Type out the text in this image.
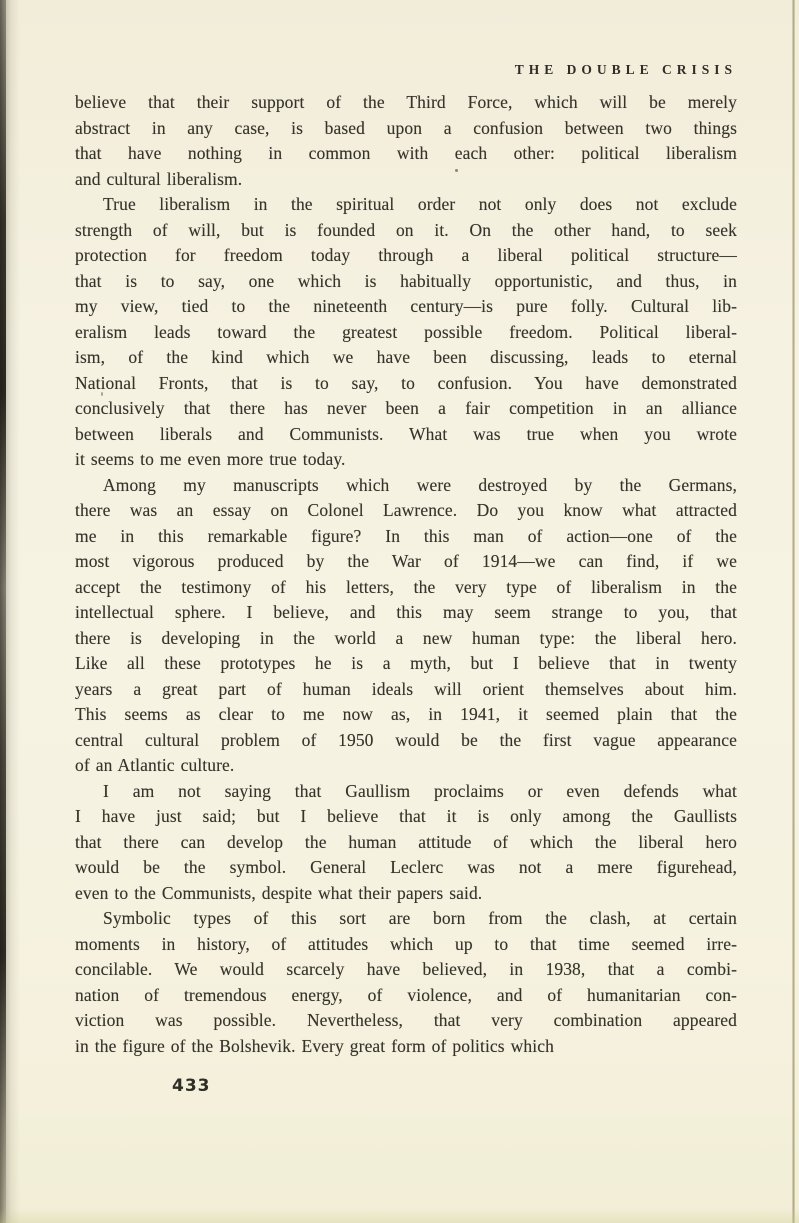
THE DOUBLE CRISIS
believe that their support of the Third Force, which will be merely
abstract in any case, is based upon a confusion between two things
that have nothing in common with each other: political liberalism
and cultural liberalism.
True liberalism in the spiritual order not only does not exclude
strength of will, but is founded on it. On the other hand, to seek
protection for freedom today through a liberal political structure—
that is to say, one which is habitually opportunistic, and thus, in
my view, tied to the nineteenth century—is pure folly. Cultural lib-
eralism leads toward the greatest possible freedom. Political liberal-
ism, of the kind which we have been discussing, leads to eternal
National Fronts, that is to say, to confusion. You have demonstrated
conclusively that there has never been a fair competition in an alliance
between liberals and Communists. What was true when you wrote
it seems to me even more true today.
Among my manuscripts which were destroyed by the Germans,
there was an essay on Colonel Lawrence. Do you know what attracted
me in this remarkable figure? In this man of action—one of the
most vigorous produced by the War of 1914—we can find, if we
accept the testimony of his letters, the very type of liberalism in the
intellectual sphere. I believe, and this may seem strange to you, that
there is developing in the world a new human type: the liberal hero.
Like all these prototypes he is a myth, but I believe that in twenty
years a great part of human ideals will orient themselves about him.
This seems as clear to me now as, in 1941, it seemed plain that the
central cultural problem of 1950 would be the first vague appearance
of an Atlantic culture.
I am not saying that Gaullism proclaims or even defends what
I have just said; but I believe that it is only among the Gaullists
that there can develop the human attitude of which the liberal hero
would be the symbol. General Leclerc was not a mere figurehead,
even to the Communists, despite what their papers said.
Symbolic types of this sort are born from the clash, at certain
moments in history, of attitudes which up to that time seemed irre-
concilable. We would scarcely have believed, in 1938, that a combi-
nation of tremendous energy, of violence, and of humanitarian con-
viction was possible. Nevertheless, that very combination appeared
in the figure of the Bolshevik. Every great form of politics which
433
